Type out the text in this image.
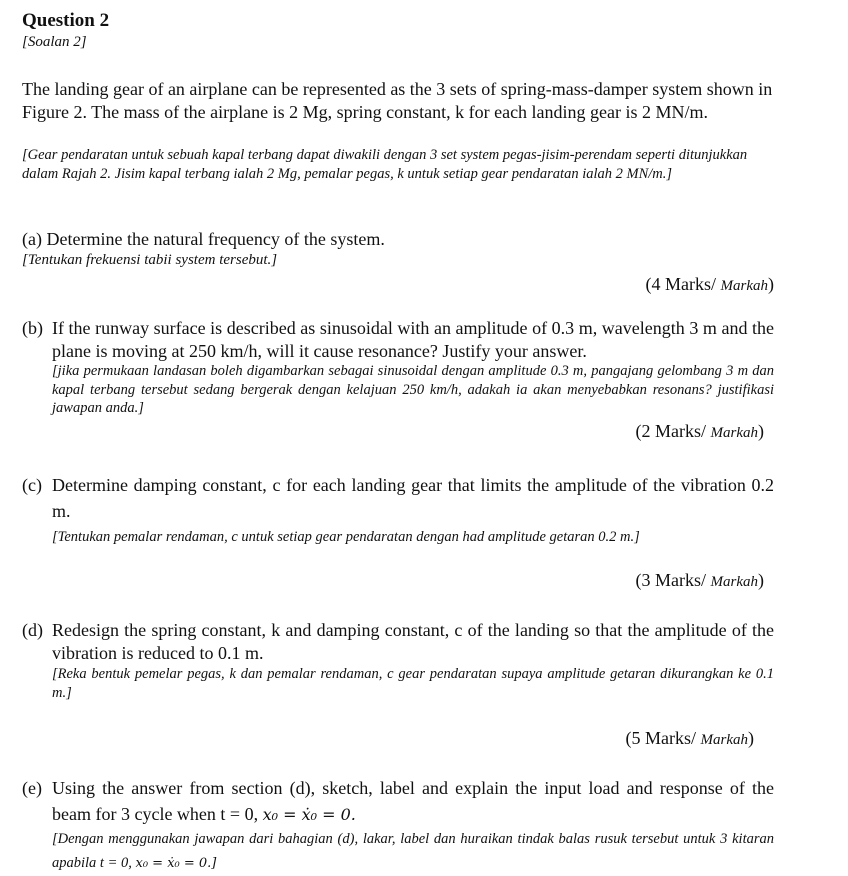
Question 2
[Soalan 2]
The landing gear of an airplane can be represented as the 3 sets of spring-mass-damper system shown in Figure 2. The mass of the airplane is 2 Mg, spring constant, k for each landing gear is 2 MN/m.
[Gear pendaratan untuk sebuah kapal terbang dapat diwakili dengan 3 set system pegas-jisim-perendam seperti ditunjukkan dalam Rajah 2. Jisim kapal terbang ialah 2 Mg, pemalar pegas, k untuk setiap gear pendaratan ialah 2 MN/m.]
(a) Determine the natural frequency of the system.
[Tentukan frekuensi tabii system tersebut.]
(4 Marks/ Markah)
(b) If the runway surface is described as sinusoidal with an amplitude of 0.3 m, wavelength 3 m and the plane is moving at 250 km/h, will it cause resonance? Justify your answer.
[jika permukaan landasan boleh digambarkan sebagai sinusoidal dengan amplitude 0.3 m, pangajang gelombang 3 m dan kapal terbang tersebut sedang bergerak dengan kelajuan 250 km/h, adakah ia akan menyebabkan resonans? justifikasi jawapan anda.]
(2 Marks/ Markah)
(c) Determine damping constant, c for each landing gear that limits the amplitude of the vibration 0.2 m.
[Tentukan pemalar rendaman, c untuk setiap gear pendaratan dengan had amplitude getaran 0.2 m.]
(3 Marks/ Markah)
(d) Redesign the spring constant, k and damping constant, c of the landing so that the amplitude of the vibration is reduced to 0.1 m.
[Reka bentuk pemelar pegas, k dan pemalar rendaman, c gear pendaratan supaya amplitude getaran dikurangkan ke 0.1 m.]
(5 Marks/ Markah)
(e) Using the answer from section (d), sketch, label and explain the input load and response of the beam for 3 cycle when t = 0, x₀ = ẋ₀ = 0.
[Dengan menggunakan jawapan dari bahagian (d), lakar, label dan huraikan tindak balas rusuk tersebut untuk 3 kitaran apabila t = 0, x₀ = ẋ₀ = 0.]
